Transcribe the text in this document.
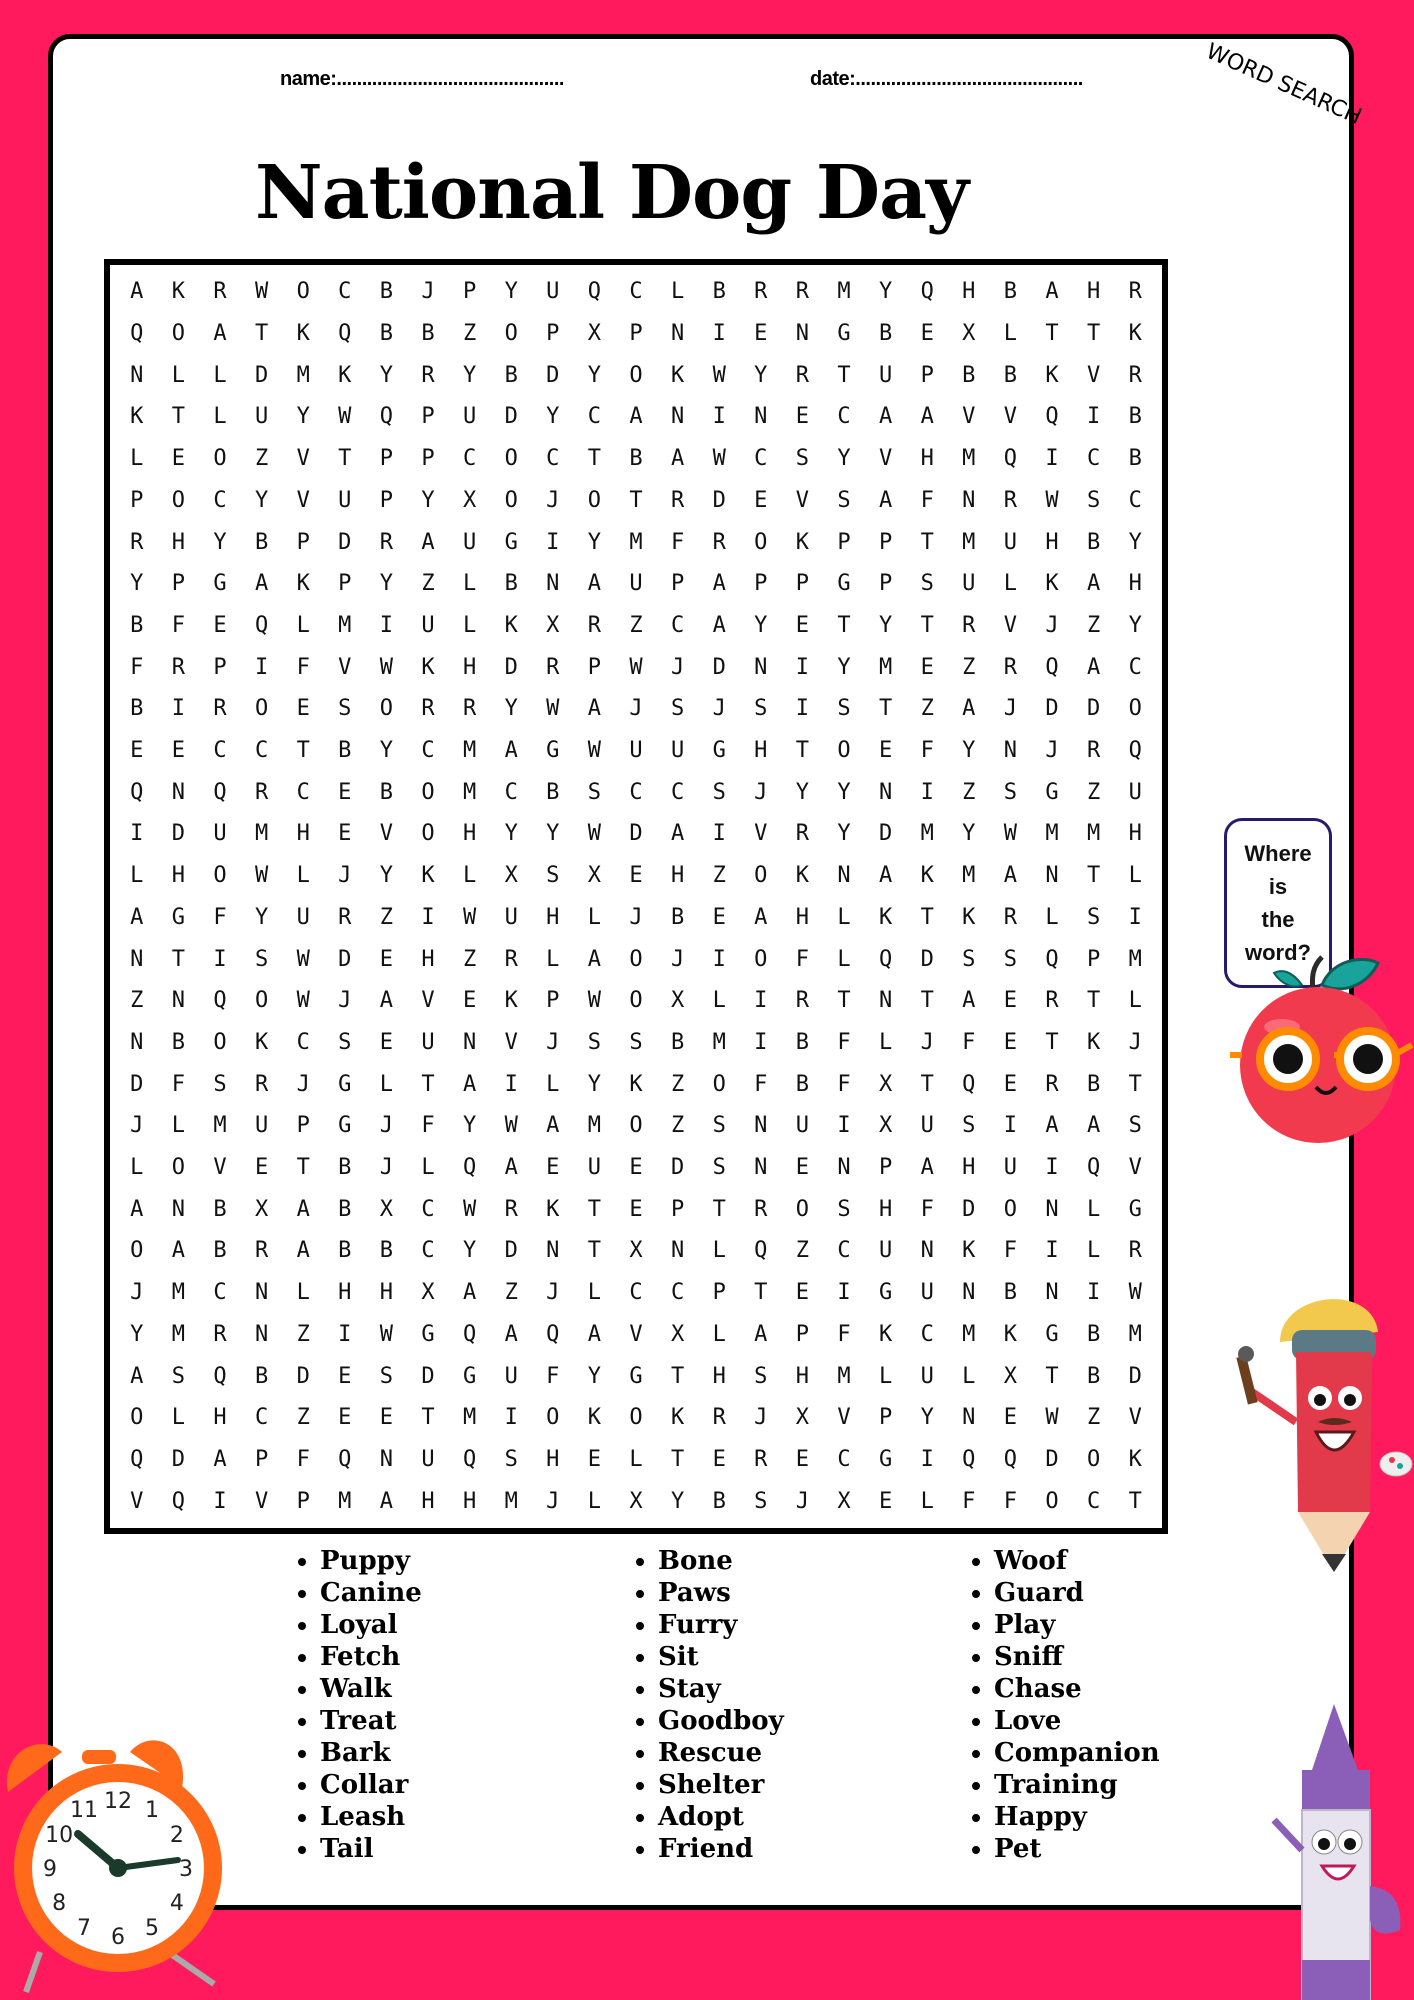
name:.............................................	date:.............................................	WORD SEARCH
National Dog Day
A	K	R	W	O	C	B	J	P	Y	U	Q	C	L	B	R	R	M	Y	Q	H	B	A	H	R
Q	O	A	T	K	Q	B	B	Z	O	P	X	P	N	I	E	N	G	B	E	X	L	T	T	K
N	L	L	D	M	K	Y	R	Y	B	D	Y	O	K	W	Y	R	T	U	P	B	B	K	V	R
K	T	L	U	Y	W	Q	P	U	D	Y	C	A	N	I	N	E	C	A	A	V	V	Q	I	B
L	E	O	Z	V	T	P	P	C	O	C	T	B	A	W	C	S	Y	V	H	M	Q	I	C	B
P	O	C	Y	V	U	P	Y	X	O	J	O	T	R	D	E	V	S	A	F	N	R	W	S	C
R	H	Y	B	P	D	R	A	U	G	I	Y	M	F	R	O	K	P	P	T	M	U	H	B	Y
Y	P	G	A	K	P	Y	Z	L	B	N	A	U	P	A	P	P	G	P	S	U	L	K	A	H
B	F	E	Q	L	M	I	U	L	K	X	R	Z	C	A	Y	E	T	Y	T	R	V	J	Z	Y
F	R	P	I	F	V	W	K	H	D	R	P	W	J	D	N	I	Y	M	E	Z	R	Q	A	C
B	I	R	O	E	S	O	R	R	Y	W	A	J	S	J	S	I	S	T	Z	A	J	D	D	O
E	E	C	C	T	B	Y	C	M	A	G	W	U	U	G	H	T	O	E	F	Y	N	J	R	Q
Q	N	Q	R	C	E	B	O	M	C	B	S	C	C	S	J	Y	Y	N	I	Z	S	G	Z	U
I	D	U	M	H	E	V	O	H	Y	Y	W	D	A	I	V	R	Y	D	M	Y	W	M	M	H
L	H	O	W	L	J	Y	K	L	X	S	X	E	H	Z	O	K	N	A	K	M	A	N	T	L
A	G	F	Y	U	R	Z	I	W	U	H	L	J	B	E	A	H	L	K	T	K	R	L	S	I
N	T	I	S	W	D	E	H	Z	R	L	A	O	J	I	O	F	L	Q	D	S	S	Q	P	M
Z	N	Q	O	W	J	A	V	E	K	P	W	O	X	L	I	R	T	N	T	A	E	R	T	L
N	B	O	K	C	S	E	U	N	V	J	S	S	B	M	I	B	F	L	J	F	E	T	K	J
D	F	S	R	J	G	L	T	A	I	L	Y	K	Z	O	F	B	F	X	T	Q	E	R	B	T
J	L	M	U	P	G	J	F	Y	W	A	M	O	Z	S	N	U	I	X	U	S	I	A	A	S
L	O	V	E	T	B	J	L	Q	A	E	U	E	D	S	N	E	N	P	A	H	U	I	Q	V
A	N	B	X	A	B	X	C	W	R	K	T	E	P	T	R	O	S	H	F	D	O	N	L	G
O	A	B	R	A	B	B	C	Y	D	N	T	X	N	L	Q	Z	C	U	N	K	F	I	L	R
J	M	C	N	L	H	H	X	A	Z	J	L	C	C	P	T	E	I	G	U	N	B	N	I	W
Y	M	R	N	Z	I	W	G	Q	A	Q	A	V	X	L	A	P	F	K	C	M	K	G	B	M
A	S	Q	B	D	E	S	D	G	U	F	Y	G	T	H	S	H	M	L	U	L	X	T	B	D
O	L	H	C	Z	E	E	T	M	I	O	K	O	K	R	J	X	V	P	Y	N	E	W	Z	V
Q	D	A	P	F	Q	N	U	Q	S	H	E	L	T	E	R	E	C	G	I	Q	Q	D	O	K
V	Q	I	V	P	M	A	H	H	M	J	L	X	Y	B	S	J	X	E	L	F	F	O	C	T
• Puppy
• Canine
• Loyal
• Fetch
• Walk
• Treat
• Bark
• Collar
• Leash
• Tail
• Bone
• Paws
• Furry
• Sit
• Stay
• Goodboy
• Rescue
• Shelter
• Adopt
• Friend
• Woof
• Guard
• Play
• Sniff
• Chase
• Love
• Companion
• Training
• Happy
• Pet
Where
is
the
word?
12 1
2
3
4
5
6
7
8
9
10
11
